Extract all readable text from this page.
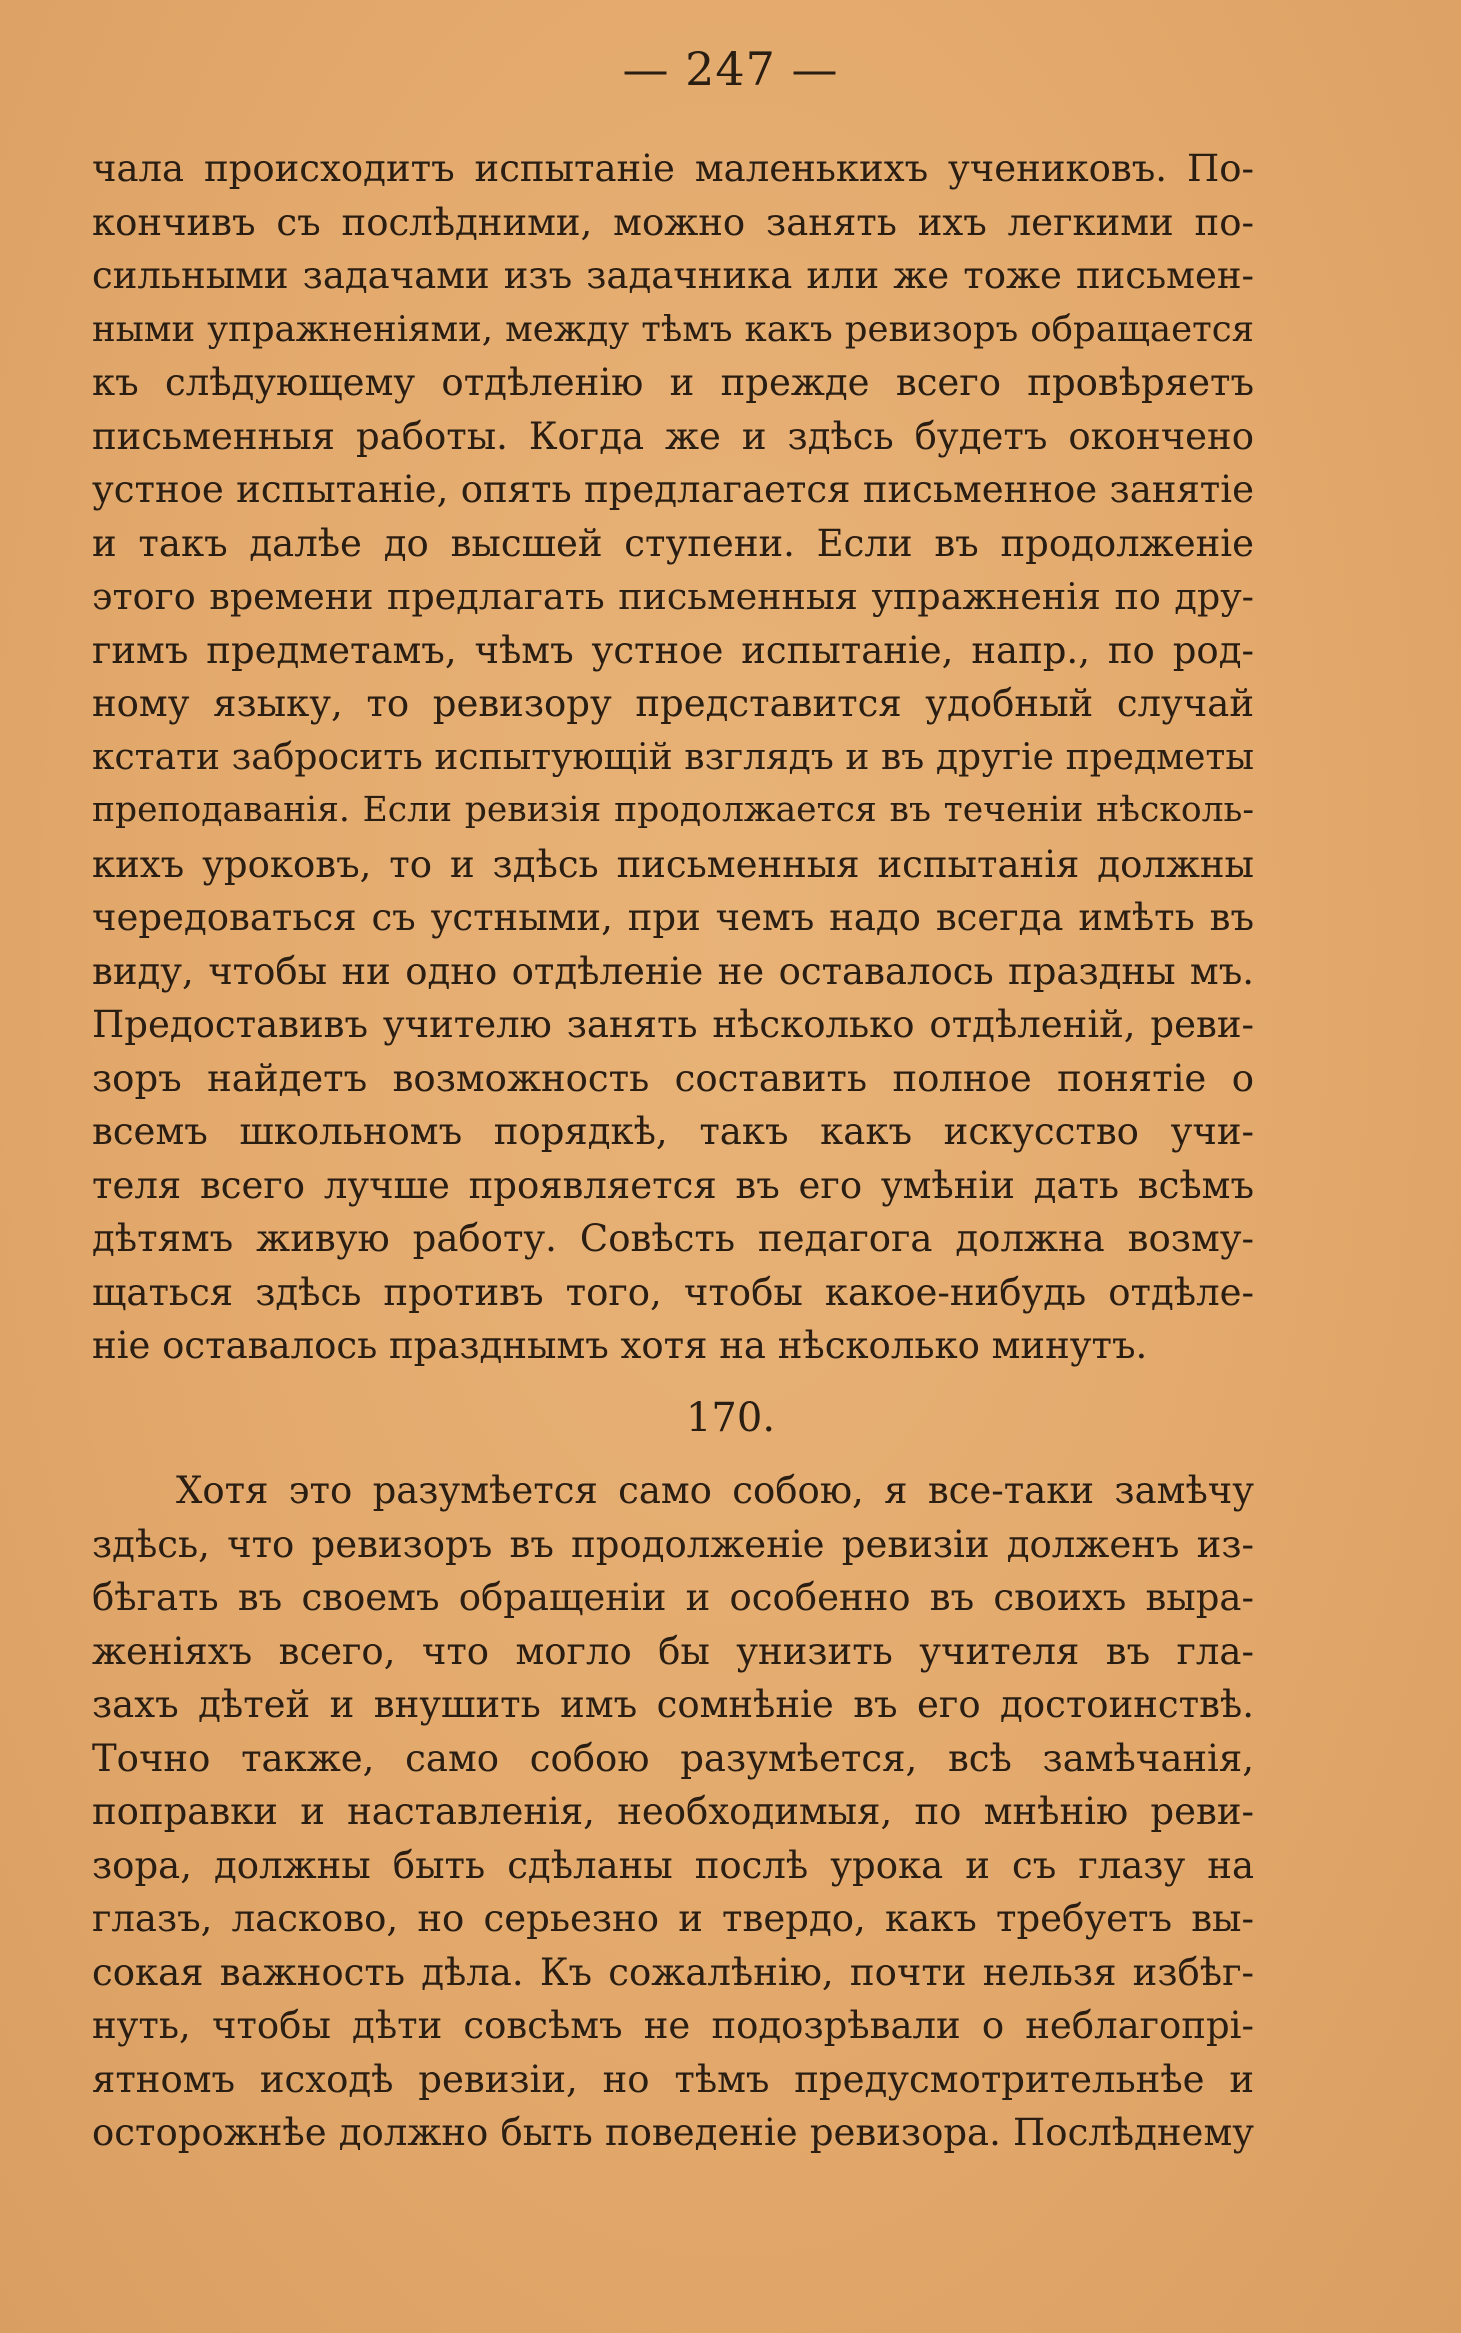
— 247 —
чала происходитъ испытаніе маленькихъ учениковъ. По-
кончивъ съ послѣдними, можно занять ихъ легкими по-
сильными задачами изъ задачника или же тоже письмен-
ными упражненіями, между тѣмъ какъ ревизоръ обращается
къ слѣдующему отдѣленію и прежде всего провѣряетъ
письменныя работы. Когда же и здѣсь будетъ окончено
устное испытаніе, опять предлагается письменное занятіе
и такъ далѣе до высшей ступени. Если въ продолженіе
этого времени предлагать письменныя упражненія по дру-
гимъ предметамъ, чѣмъ устное испытаніе, напр., по род-
ному языку, то ревизору представится удобный случай
кстати забросить испытующій взглядъ и въ другіе предметы
преподаванія. Если ревизія продолжается въ теченіи нѣсколь-
кихъ уроковъ, то и здѣсь письменныя испытанія должны
чередоваться съ устными, при чемъ надо всегда имѣть въ
виду, чтобы ни одно отдѣленіе не оставалось праздны мъ.
Предоставивъ учителю занять нѣсколько отдѣленій, реви-
зоръ найдетъ возможность составить полное понятіе о
всемъ школьномъ порядкѣ, такъ какъ искусство учи-
теля всего лучше проявляется въ его умѣніи дать всѣмъ
дѣтямъ живую работу. Совѣсть педагога должна возму-
щаться здѣсь противъ того, чтобы какое-нибудь отдѣле-
ніе оставалось празднымъ хотя на нѣсколько минутъ.
170.
Хотя это разумѣется само собою, я все-таки замѣчу
здѣсь, что ревизоръ въ продолженіе ревизіи долженъ из-
бѣгать въ своемъ обращеніи и особенно въ своихъ выра-
женіяхъ всего, что могло бы унизить учителя въ гла-
захъ дѣтей и внушить имъ сомнѣніе въ его достоинствѣ.
Точно также, само собою разумѣется, всѣ замѣчанія,
поправки и наставленія, необходимыя, по мнѣнію реви-
зора, должны быть сдѣланы послѣ урока и съ глазу на
глазъ, ласково, но серьезно и твердо, какъ требуетъ вы-
сокая важность дѣла. Къ сожалѣнію, почти нельзя избѣг-
нуть, чтобы дѣти совсѣмъ не подозрѣвали о неблагопрі-
ятномъ исходѣ ревизіи, но тѣмъ предусмотрительнѣе и
осторожнѣе должно быть поведеніе ревизора. Послѣднему
